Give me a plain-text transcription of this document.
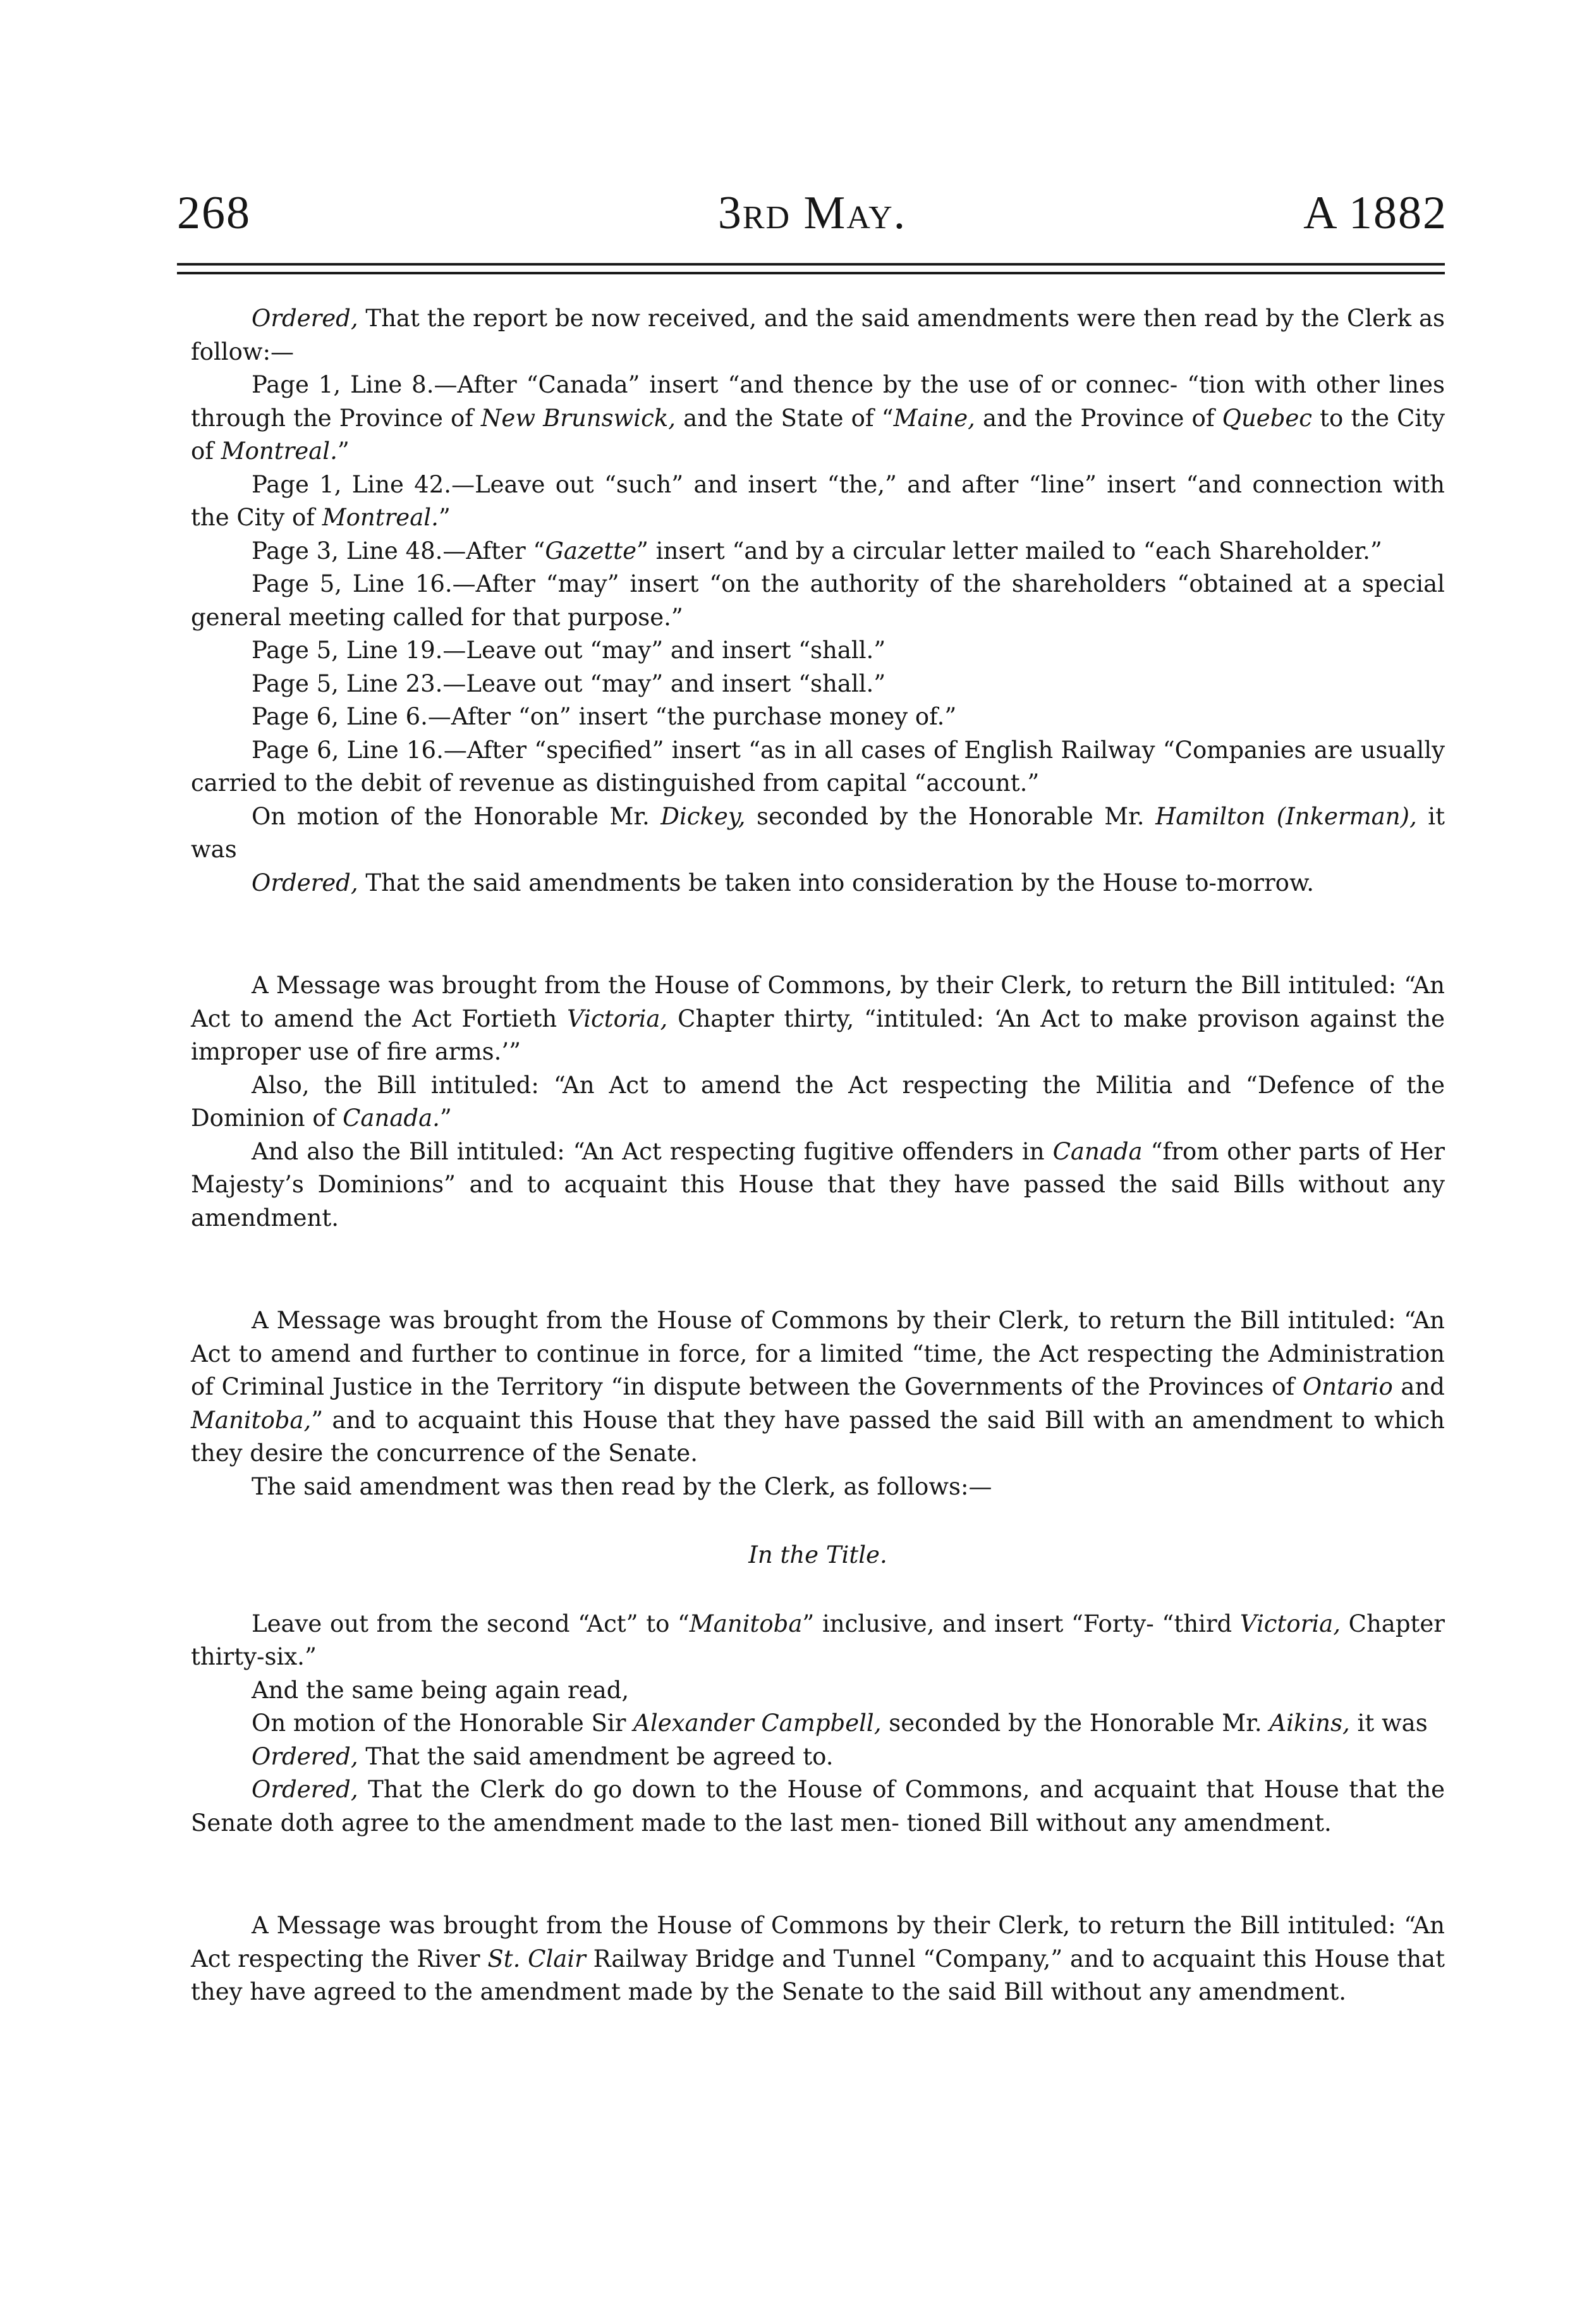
268	3rd May.	A 1882

Ordered, That the report be now received, and the said amendments were then read by the Clerk as follow:—

Page 1, Line 8.—After “Canada” insert “and thence by the use of or connec- “tion with other lines through the Province of New Brunswick, and the State of “Maine, and the Province of Quebec to the City of Montreal.”

Page 1, Line 42.—Leave out “such” and insert “the,” and after “line” insert “and connection with the City of Montreal.”

Page 3, Line 48.—After “Gazette” insert “and by a circular letter mailed to “each Shareholder.”

Page 5, Line 16.—After “may” insert “on the authority of the shareholders “obtained at a special general meeting called for that purpose.”

Page 5, Line 19.—Leave out “may” and insert “shall.”

Page 5, Line 23.—Leave out “may” and insert “shall.”

Page 6, Line 6.—After “on” insert “the purchase money of.”

Page 6, Line 16.—After “specified” insert “as in all cases of English Railway “Companies are usually carried to the debit of revenue as distinguished from capital “account.”

On motion of the Honorable Mr. Dickey, seconded by the Honorable Mr. Hamilton (Inkerman), it was

Ordered, That the said amendments be taken into consideration by the House to-morrow.

A Message was brought from the House of Commons, by their Clerk, to return the Bill intituled: “An Act to amend the Act Fortieth Victoria, Chapter thirty, “intituled: ‘An Act to make provison against the improper use of fire arms.’”

Also, the Bill intituled: “An Act to amend the Act respecting the Militia and “Defence of the Dominion of Canada.”

And also the Bill intituled: “An Act respecting fugitive offenders in Canada “from other parts of Her Majesty’s Dominions” and to acquaint this House that they have passed the said Bills without any amendment.

A Message was brought from the House of Commons by their Clerk, to return the Bill intituled: “An Act to amend and further to continue in force, for a limited “time, the Act respecting the Administration of Criminal Justice in the Territory “in dispute between the Governments of the Provinces of Ontario and Manitoba,” and to acquaint this House that they have passed the said Bill with an amendment to which they desire the concurrence of the Senate.

The said amendment was then read by the Clerk, as follows:—

In the Title.

Leave out from the second “Act” to “Manitoba” inclusive, and insert “Forty- “third Victoria, Chapter thirty-six.”

And the same being again read,

On motion of the Honorable Sir Alexander Campbell, seconded by the Honorable Mr. Aikins, it was

Ordered, That the said amendment be agreed to.

Ordered, That the Clerk do go down to the House of Commons, and acquaint that House that the Senate doth agree to the amendment made to the last men- tioned Bill without any amendment.

A Message was brought from the House of Commons by their Clerk, to return the Bill intituled: “An Act respecting the River St. Clair Railway Bridge and Tunnel “Company,” and to acquaint this House that they have agreed to the amendment made by the Senate to the said Bill without any amendment.
